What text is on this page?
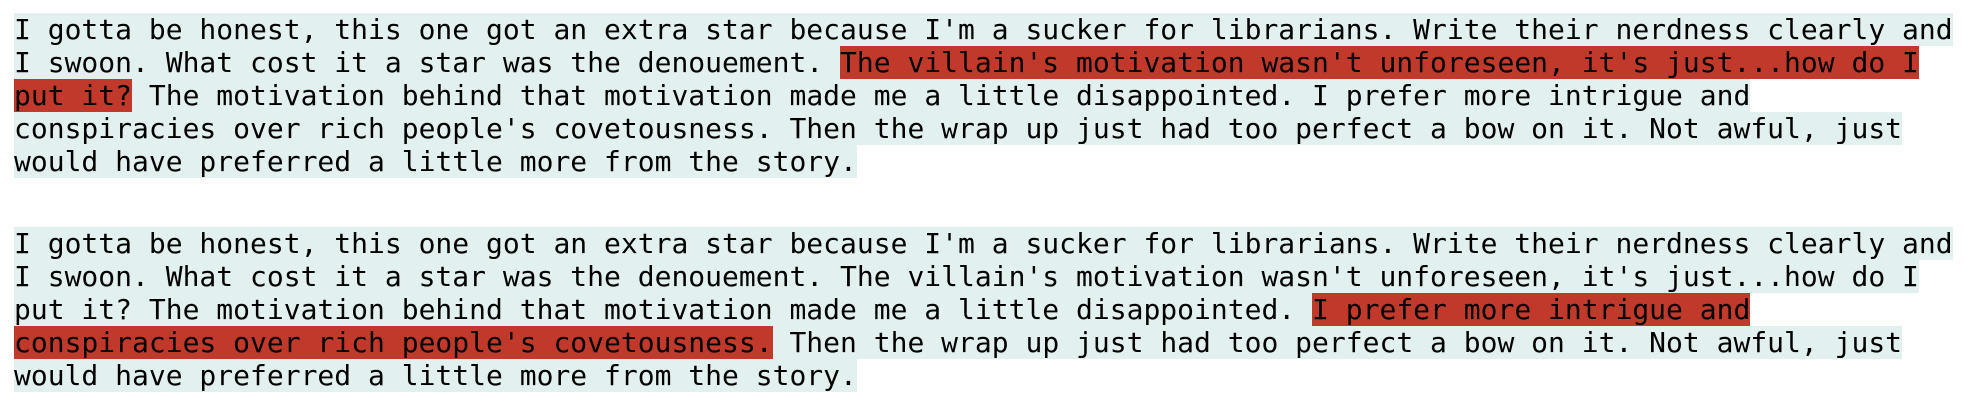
I gotta be honest, this one got an extra star because I'm a sucker for librarians. Write their nerdness clearly and
I swoon. What cost it a star was the denouement. The villain's motivation wasn't unforeseen, it's just...how do I
put it? The motivation behind that motivation made me a little disappointed. I prefer more intrigue and
conspiracies over rich people's covetousness. Then the wrap up just had too perfect a bow on it. Not awful, just
would have preferred a little more from the story.
I gotta be honest, this one got an extra star because I'm a sucker for librarians. Write their nerdness clearly and
I swoon. What cost it a star was the denouement. The villain's motivation wasn't unforeseen, it's just...how do I
put it? The motivation behind that motivation made me a little disappointed. I prefer more intrigue and
conspiracies over rich people's covetousness. Then the wrap up just had too perfect a bow on it. Not awful, just
would have preferred a little more from the story.
